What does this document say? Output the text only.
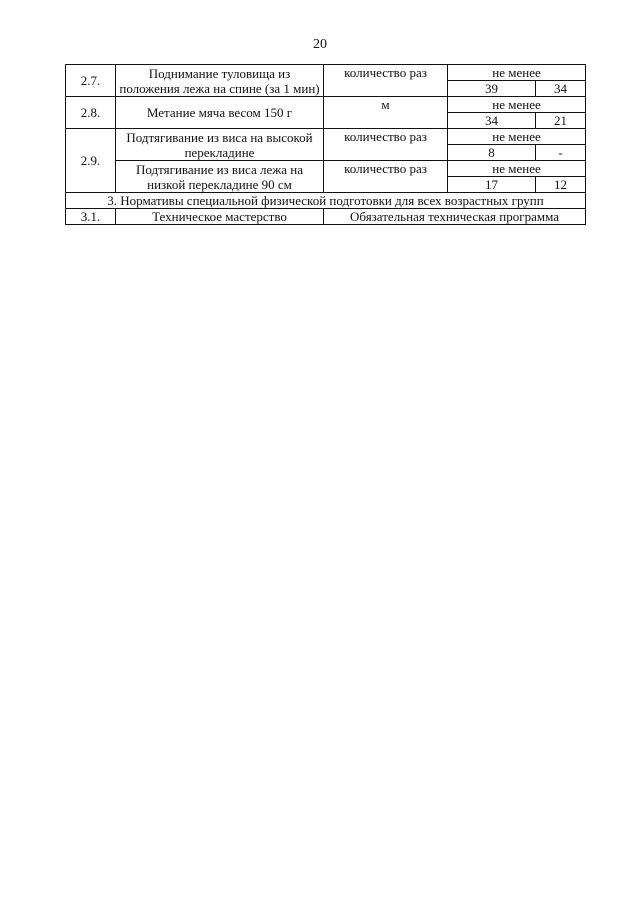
20
2.7.	Поднимание туловища из положения лежа на спине (за 1 мин)	количество раз	не менее	
			39	34
2.8.	Метание мяча весом 150 г	м	не менее	
			34	21
2.9.	Подтягивание из виса на высокой перекладине	количество раз	не менее	
			8	-
	Подтягивание из виса лежа на низкой перекладине 90 см	количество раз	не менее	
			17	12
3. Нормативы специальной физической подготовки для всех возрастных групп				
3.1.	Техническое мастерство	Обязательная техническая программа		
